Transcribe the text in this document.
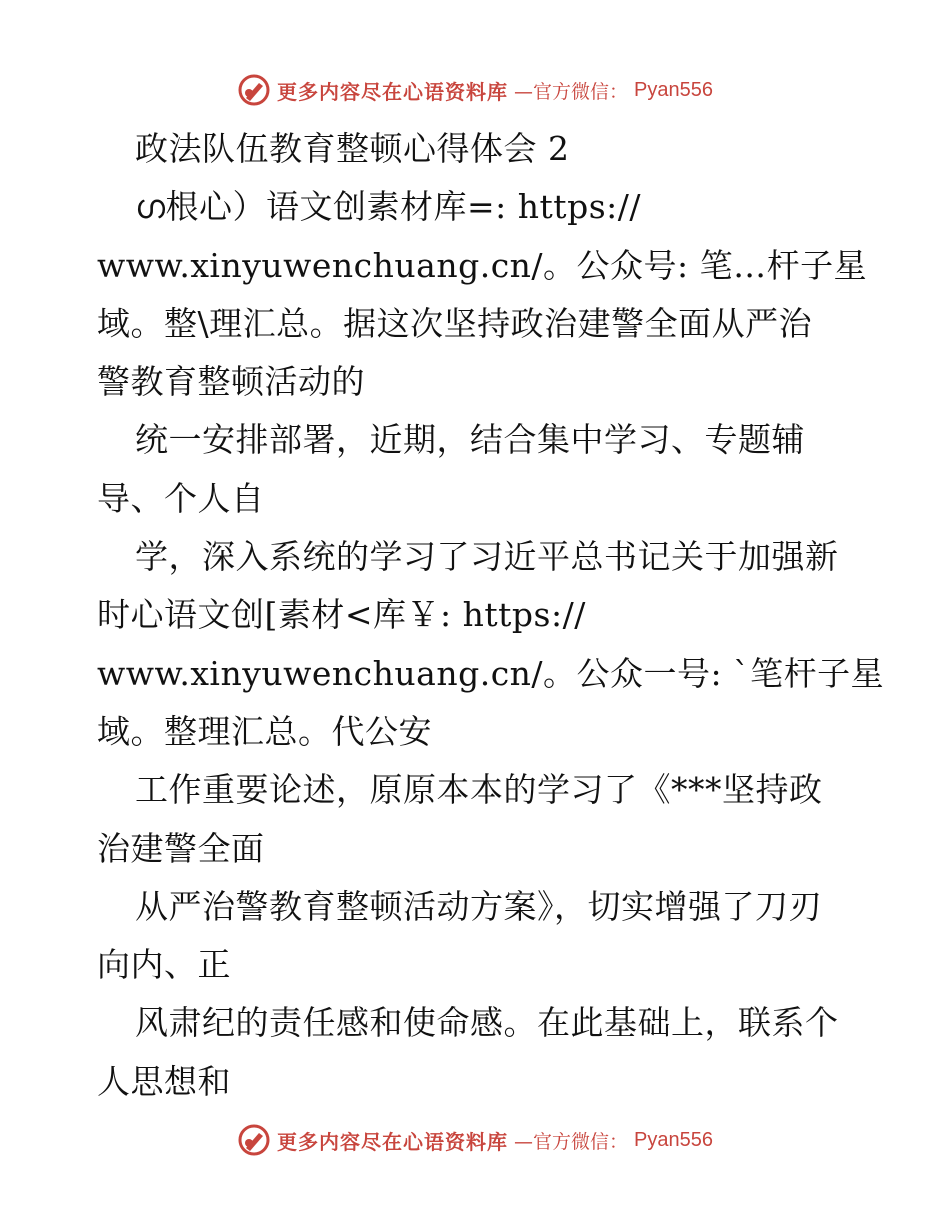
更多内容尽在心语资料库 —官方微信： Pyan556
政法队伍教育整顿心得体会 2
ഗ根心）语文创素材库=: https://
www.xinyuwenchuang.cn/。公众号: 笔…杆子星
域。整\理汇总。据这次坚持政治建警全面从严治
警教育整顿活动的
统一安排部署，近期，结合集中学习、专题辅
导、个人自
学，深入系统的学习了习近平总书记关于加强新
时心语文创[素材<库￥: https://
www.xinyuwenchuang.cn/。公众一号: `笔杆子星
域。整理汇总。代公安
工作重要论述，原原本本的学习了《***坚持政
治建警全面
从严治警教育整顿活动方案》，切实增强了刀刃
向内、正
风肃纪的责任感和使命感。在此基础上，联系个
人思想和
更多内容尽在心语资料库 —官方微信： Pyan556
